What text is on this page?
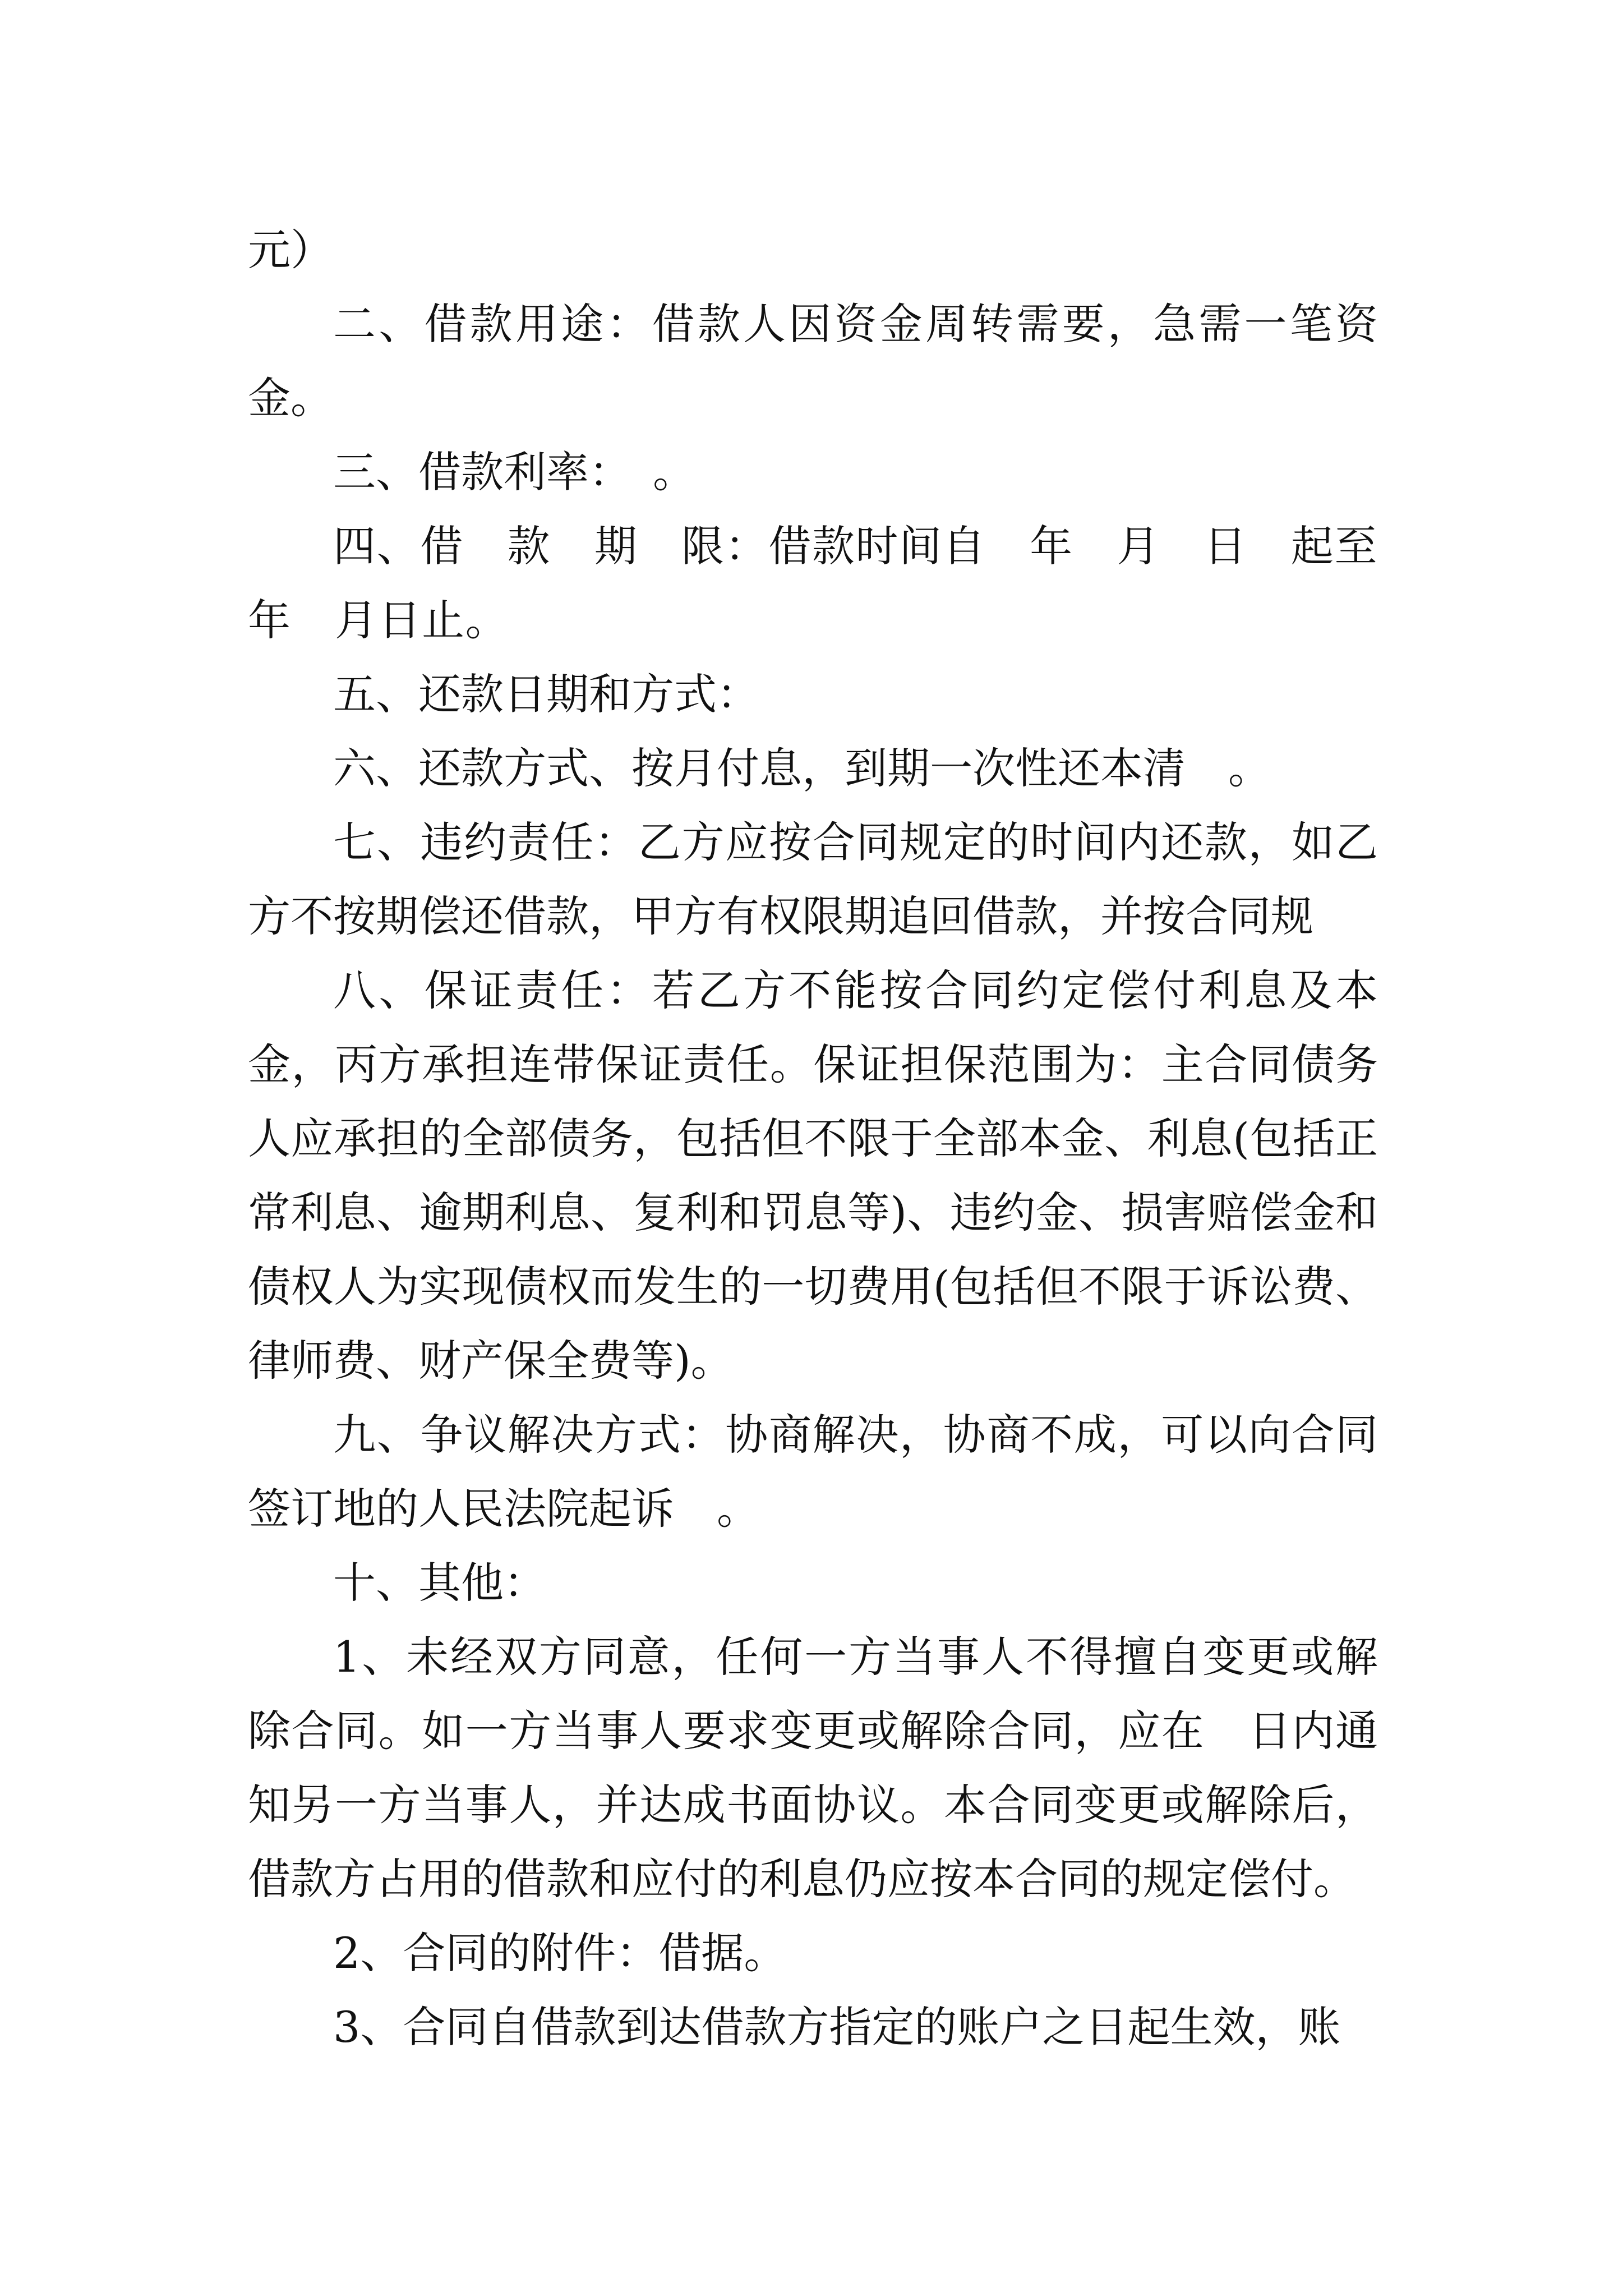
元）

二、借款用途：借款人因资金周转需要，急需一笔资金。

三、借款利率：　。

四、借　款　期　限：借款时间自　年　月　日　起至　年　月日止。

五、还款日期和方式：

六、还款方式、按月付息，到期一次性还本清　。

七、违约责任：乙方应按合同规定的时间内还款，如乙方不按期偿还借款，甲方有权限期追回借款，并按合同规

八、保证责任：若乙方不能按合同约定偿付利息及本金，丙方承担连带保证责任。保证担保范围为：主合同债务人应承担的全部债务，包括但不限于全部本金、利息(包括正常利息、逾期利息、复利和罚息等)、违约金、损害赔偿金和债权人为实现债权而发生的一切费用(包括但不限于诉讼费、律师费、财产保全费等)。

九、争议解决方式：协商解决，协商不成，可以向合同签订地的人民法院起诉　。

十、其他：

1、未经双方同意，任何一方当事人不得擅自变更或解除合同。如一方当事人要求变更或解除合同，应在　日内通知另一方当事人，并达成书面协议。本合同变更或解除后，借款方占用的借款和应付的利息仍应按本合同的规定偿付。

2、合同的附件：借据。

3、合同自借款到达借款方指定的账户之日起生效，账
